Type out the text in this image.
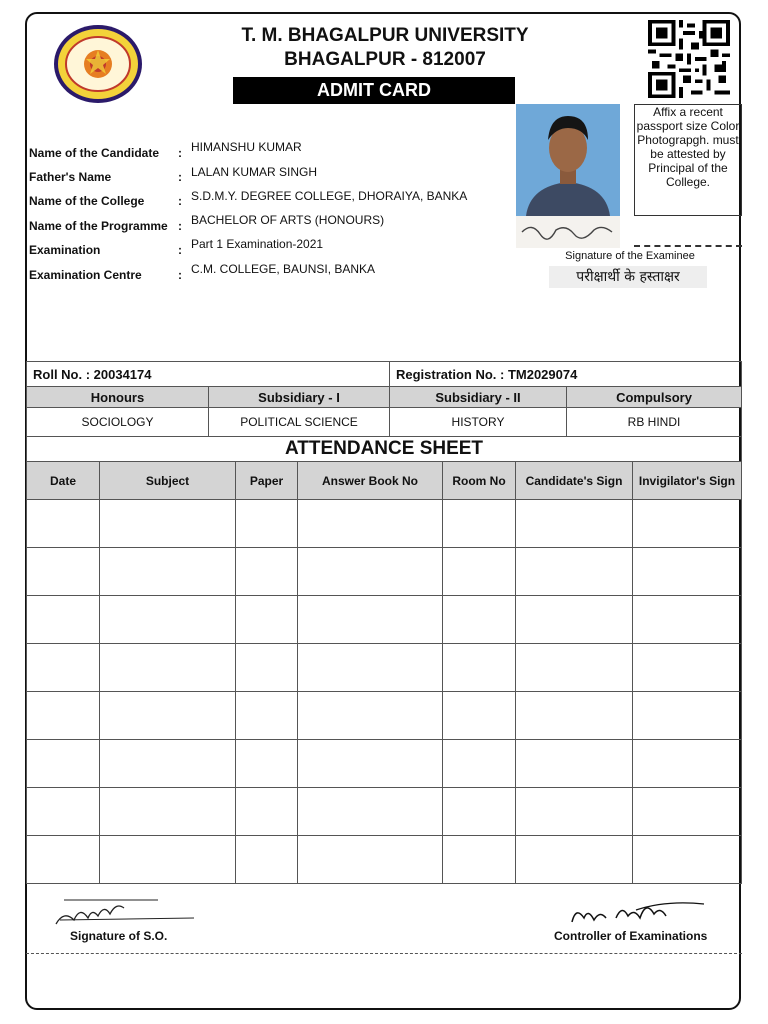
T. M. BHAGALPUR UNIVERSITY
BHAGALPUR - 812007
ADMIT CARD
Affix a recent passport size Color Photograpgh. must be attested by Principal of the College.
Signature of the Examinee
परीक्षार्थी के हस्ताक्षर
Name of the Candidate : HIMANSHU KUMAR
Father's Name	: LALAN KUMAR SINGH
Name of the College	: S.D.M.Y. DEGREE COLLEGE, DHORAIYA, BANKA
Name of the Programme : BACHELOR OF ARTS (HONOURS)
Examination	: Part 1 Examination-2021
Examination Centre	: C.M. COLLEGE, BAUNSI, BANKA
Roll No. : 20034174		Registration No. : TM2029074	
Honours	Subsidiary - I	Subsidiary - II	Compulsory
SOCIOLOGY	POLITICAL SCIENCE	HISTORY	RB HINDI
ATTENDANCE SHEET
Date	Subject	Paper	Answer Book No	Room No	Candidate's Sign	Invigilator's Sign

Signature of S.O.	Controller of Examinations
